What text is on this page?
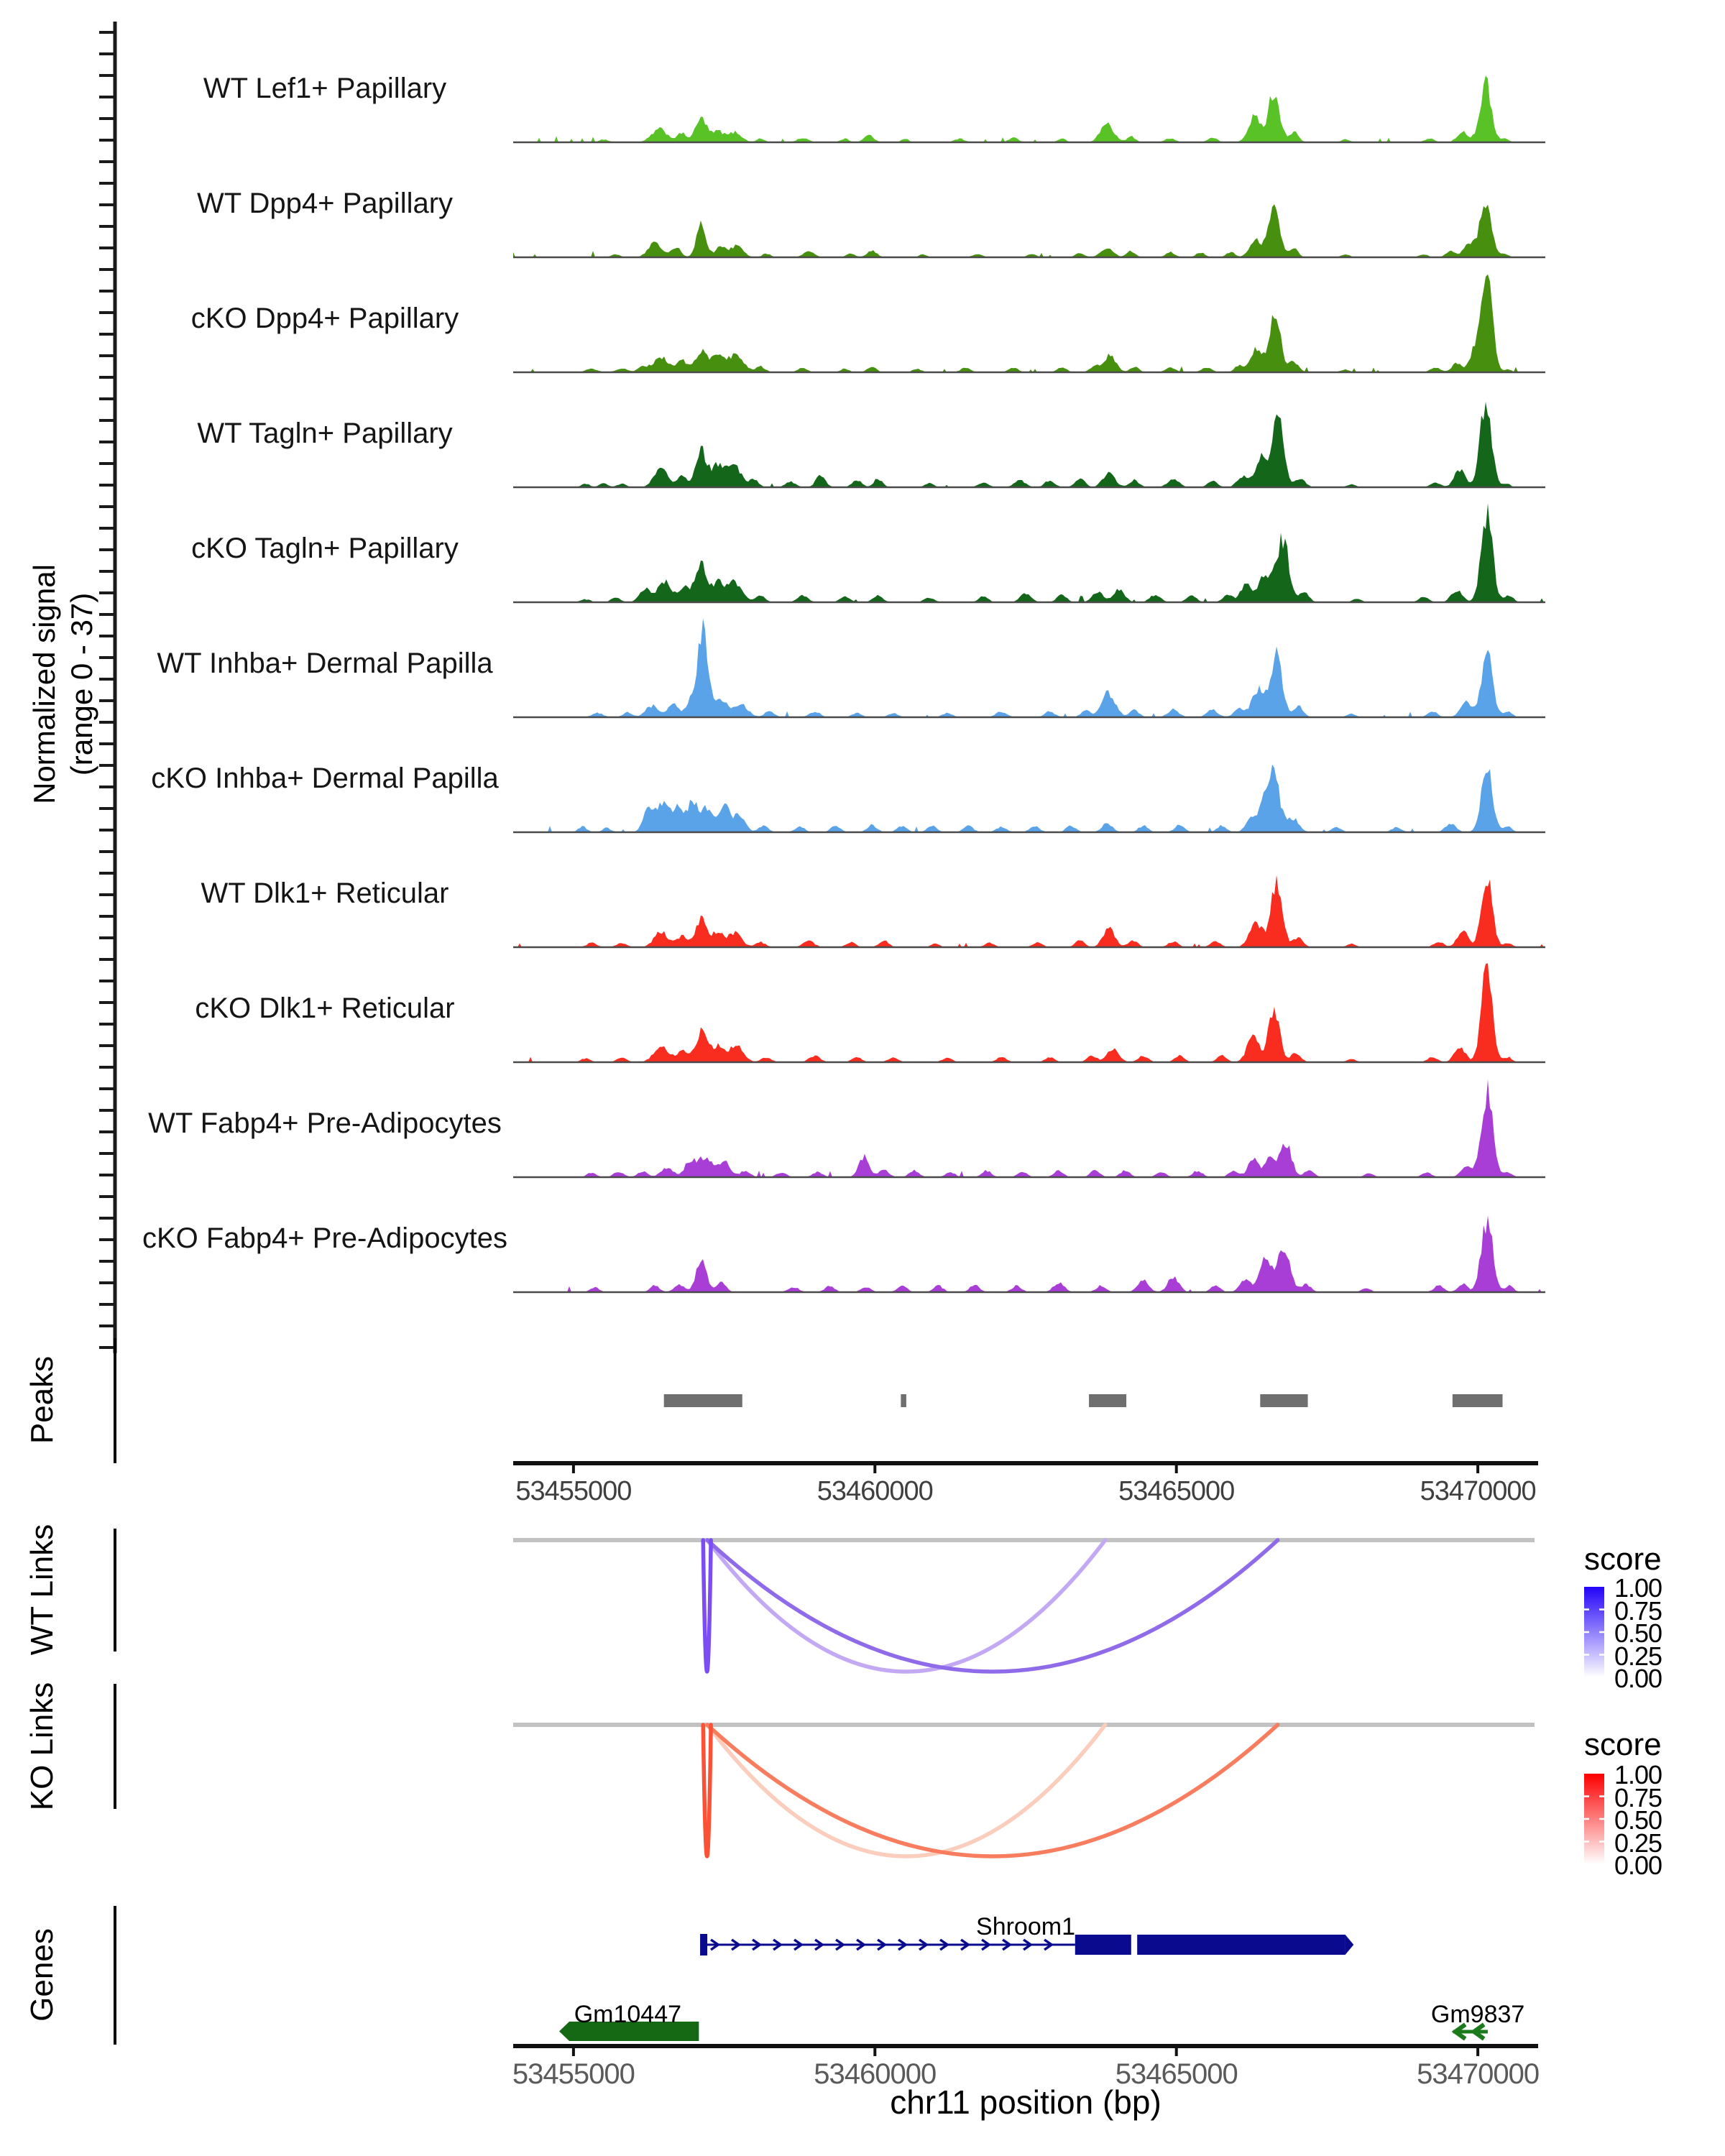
Normalized signal (range 0 - 37)
Peaks
WT Links
KO Links
Genes
score
score
chr11 position (bp)
WT Lef1+ Papillary
WT Dpp4+ Papillary
cKO Dpp4+ Papillary
WT Tagln+ Papillary
cKO Tagln+ Papillary
WT Inhba+ Dermal Papilla
cKO Inhba+ Dermal Papilla
WT Dlk1+ Reticular
cKO Dlk1+ Reticular
WT Fabp4+ Pre-Adipocytes
cKO Fabp4+ Pre-Adipocytes
53455000	53460000	53465000	53470000
1.00
0.75
0.50
0.25
0.00
1.00
0.75
0.50
0.25
0.00
Shroom1
Gm10447	Gm9837
53455000	53460000	53465000	53470000
